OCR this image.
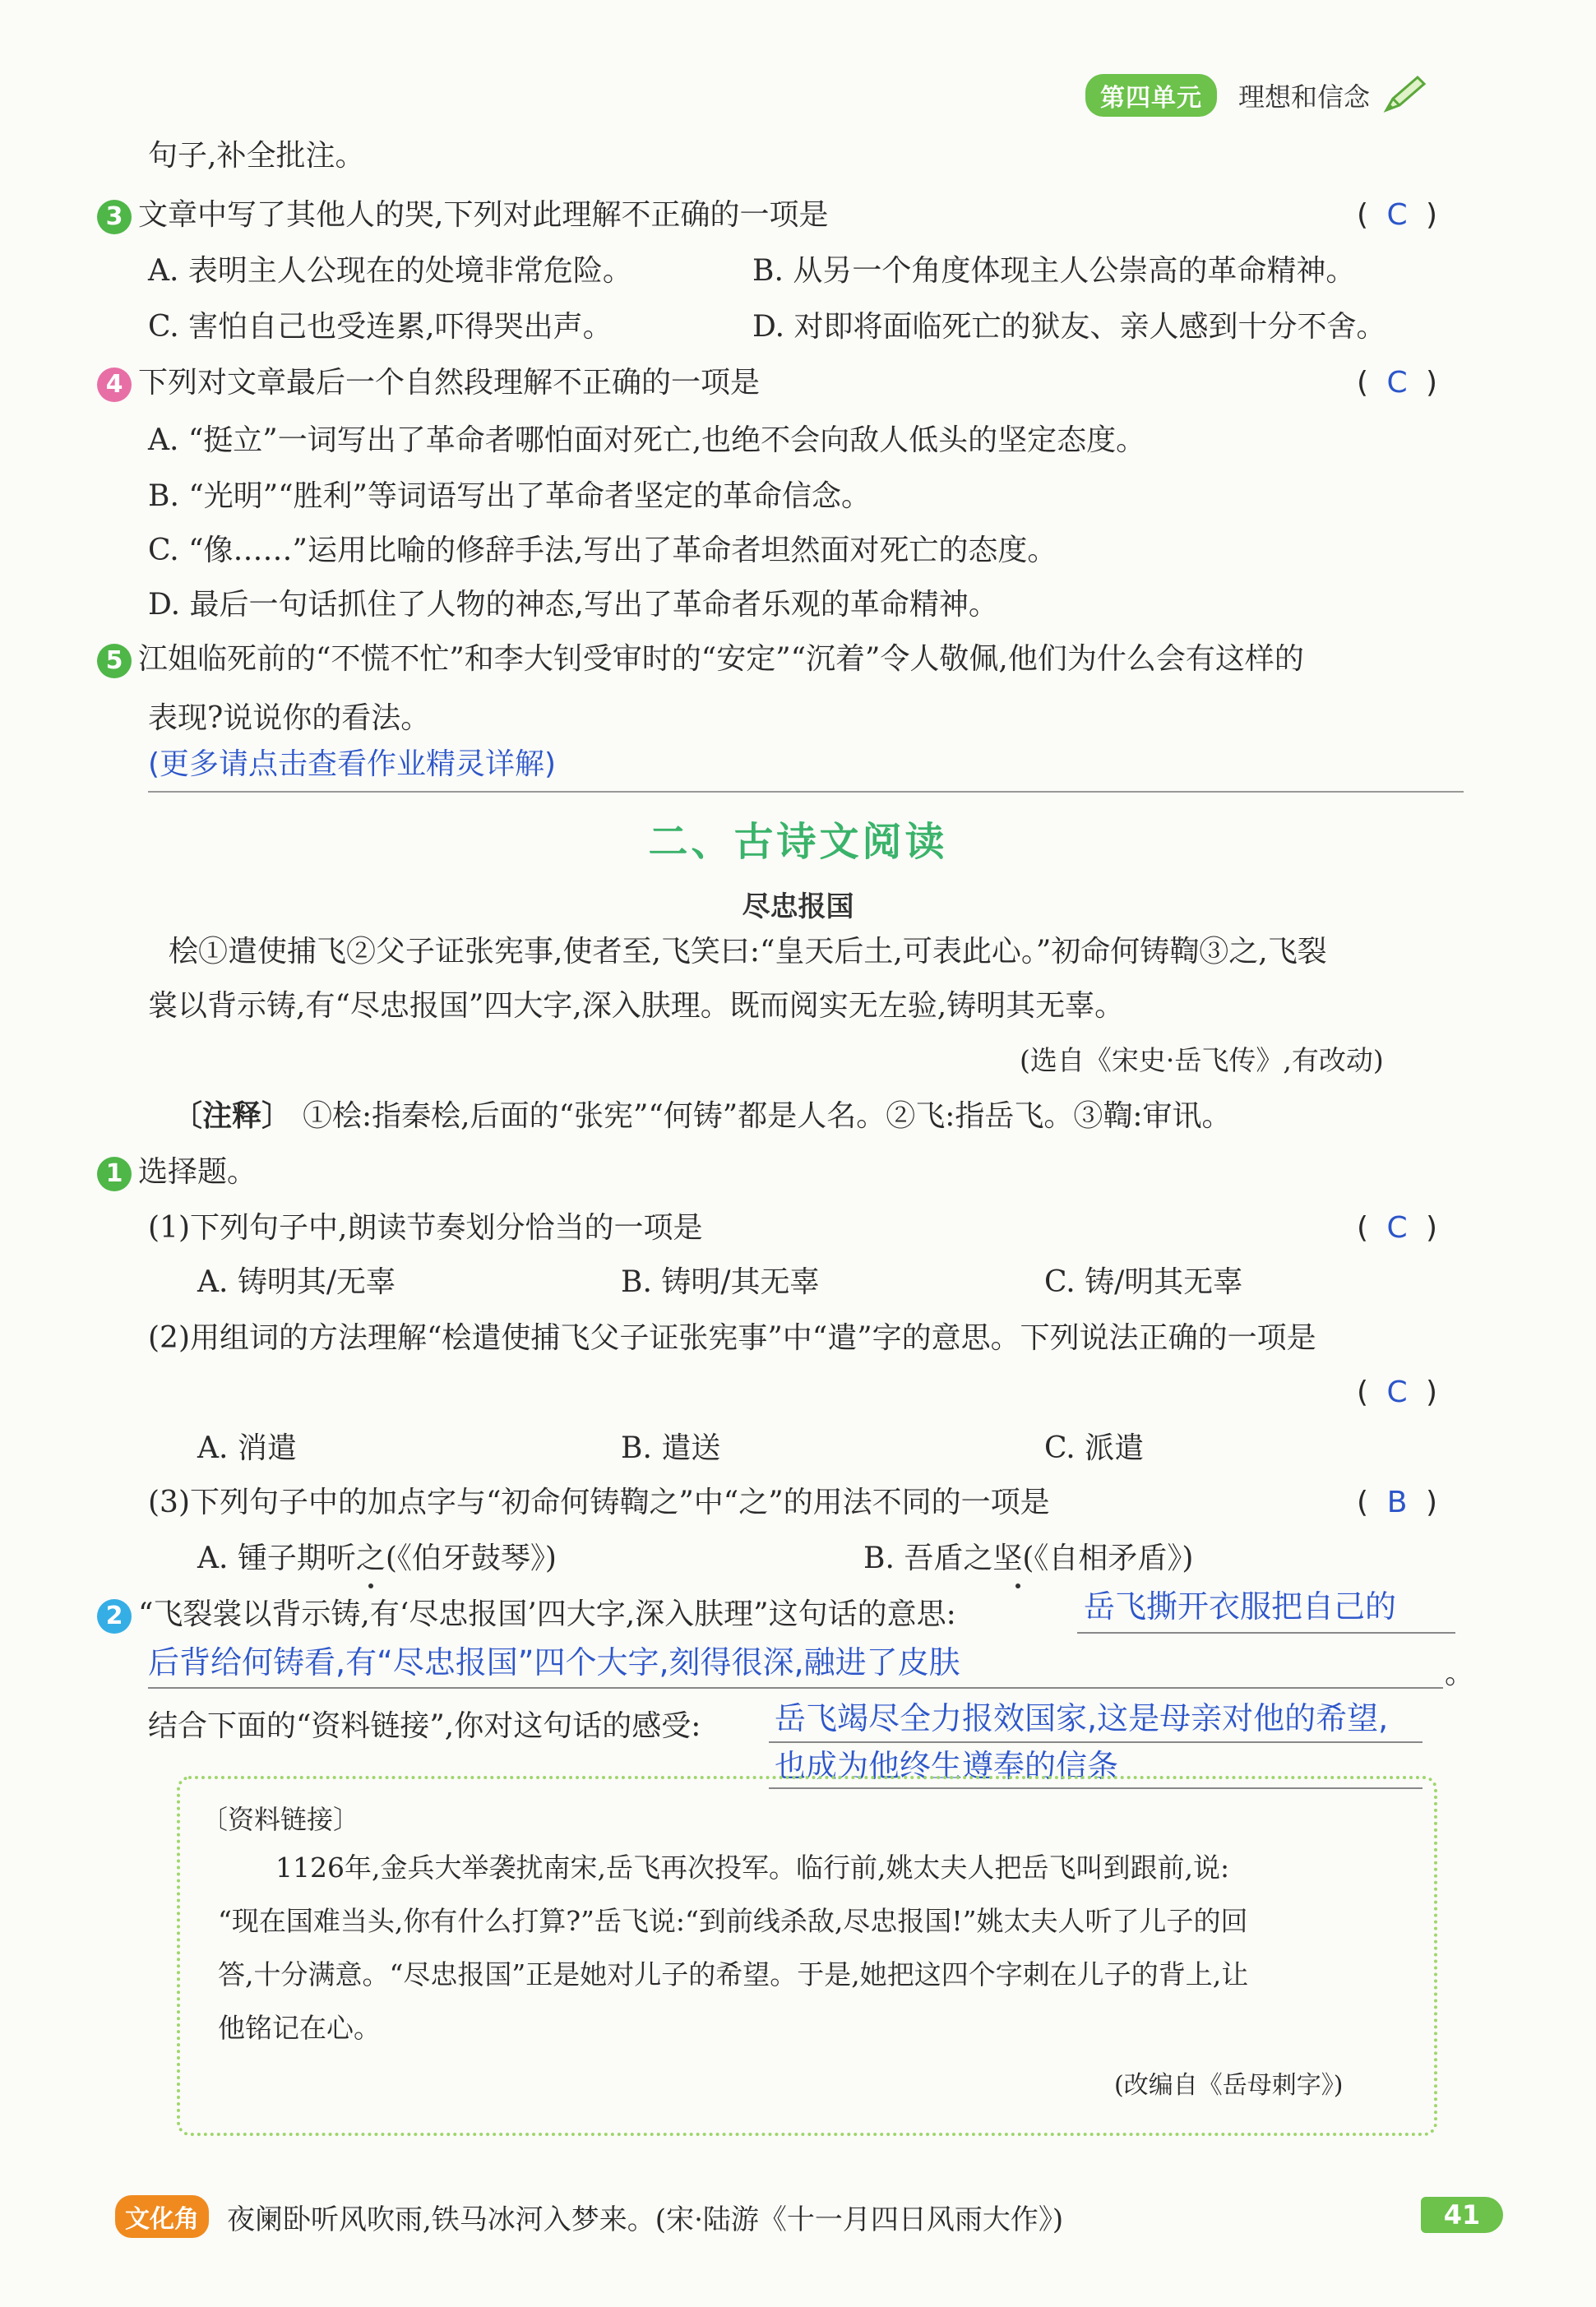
第四单元	理想和信念
句子,补全批注。
3 文章中写了其他人的哭,下列对此理解不正确的一项是	( C )
A. 表明主人公现在的处境非常危险。	B. 从另一个角度体现主人公崇高的革命精神。
C. 害怕自己也受连累,吓得哭出声。	D. 对即将面临死亡的狱友、亲人感到十分不舍。
4 下列对文章最后一个自然段理解不正确的一项是	( C )
A. “挺立”一词写出了革命者哪怕面对死亡,也绝不会向敌人低头的坚定态度。
B. “光明”“胜利”等词语写出了革命者坚定的革命信念。
C. “像……”运用比喻的修辞手法,写出了革命者坦然面对死亡的态度。
D. 最后一句话抓住了人物的神态,写出了革命者乐观的革命精神。
5 江姐临死前的“不慌不忙”和李大钊受审时的“安定”“沉着”令人敬佩,他们为什么会有这样的
表现?说说你的看法。
(更多请点击查看作业精灵详解)
二、古诗文阅读
尽忠报国
桧①遣使捕飞②父子证张宪事,使者至,飞笑曰:“皇天后土,可表此心。”初命何铸鞫③之,飞裂
裳以背示铸,有“尽忠报国”四大字,深入肤理。既而阅实无左验,铸明其无辜。
(选自《宋史·岳飞传》,有改动)
〔注释〕 ①桧:指秦桧,后面的“张宪”“何铸”都是人名。②飞:指岳飞。③鞫:审讯。
1 选择题。
(1)下列句子中,朗读节奏划分恰当的一项是	( C )
A. 铸明其/无辜	B. 铸明/其无辜	C. 铸/明其无辜
(2)用组词的方法理解“桧遣使捕飞父子证张宪事”中“遣”字的意思。下列说法正确的一项是
( C )
A. 消遣	B. 遣送	C. 派遣
(3)下列句子中的加点字与“初命何铸鞫之”中“之”的用法不同的一项是	( B )
A. 锺子期听之(《伯牙鼓琴》)	B. 吾盾之坚(《自相矛盾》)
2 “飞裂裳以背示铸,有‘尽忠报国’四大字,深入肤理”这句话的意思:	岳飞撕开衣服把自己的
后背给何铸看,有“尽忠报国”四个大字,刻得很深,融进了皮肤	。
结合下面的“资料链接”,你对这句话的感受: 岳飞竭尽全力报效国家,这是母亲对他的希望,
也成为他终生遵奉的信条
〔资料链接〕
1126年,金兵大举袭扰南宋,岳飞再次投军。临行前,姚太夫人把岳飞叫到跟前,说:
“现在国难当头,你有什么打算?”岳飞说:“到前线杀敌,尽忠报国!”姚太夫人听了儿子的回
答,十分满意。“尽忠报国”正是她对儿子的希望。于是,她把这四个字刺在儿子的背上,让
他铭记在心。
(改编自《岳母刺字》)
文化角	夜阑卧听风吹雨,铁马冰河入梦来。(宋·陆游《十一月四日风雨大作》)	41
